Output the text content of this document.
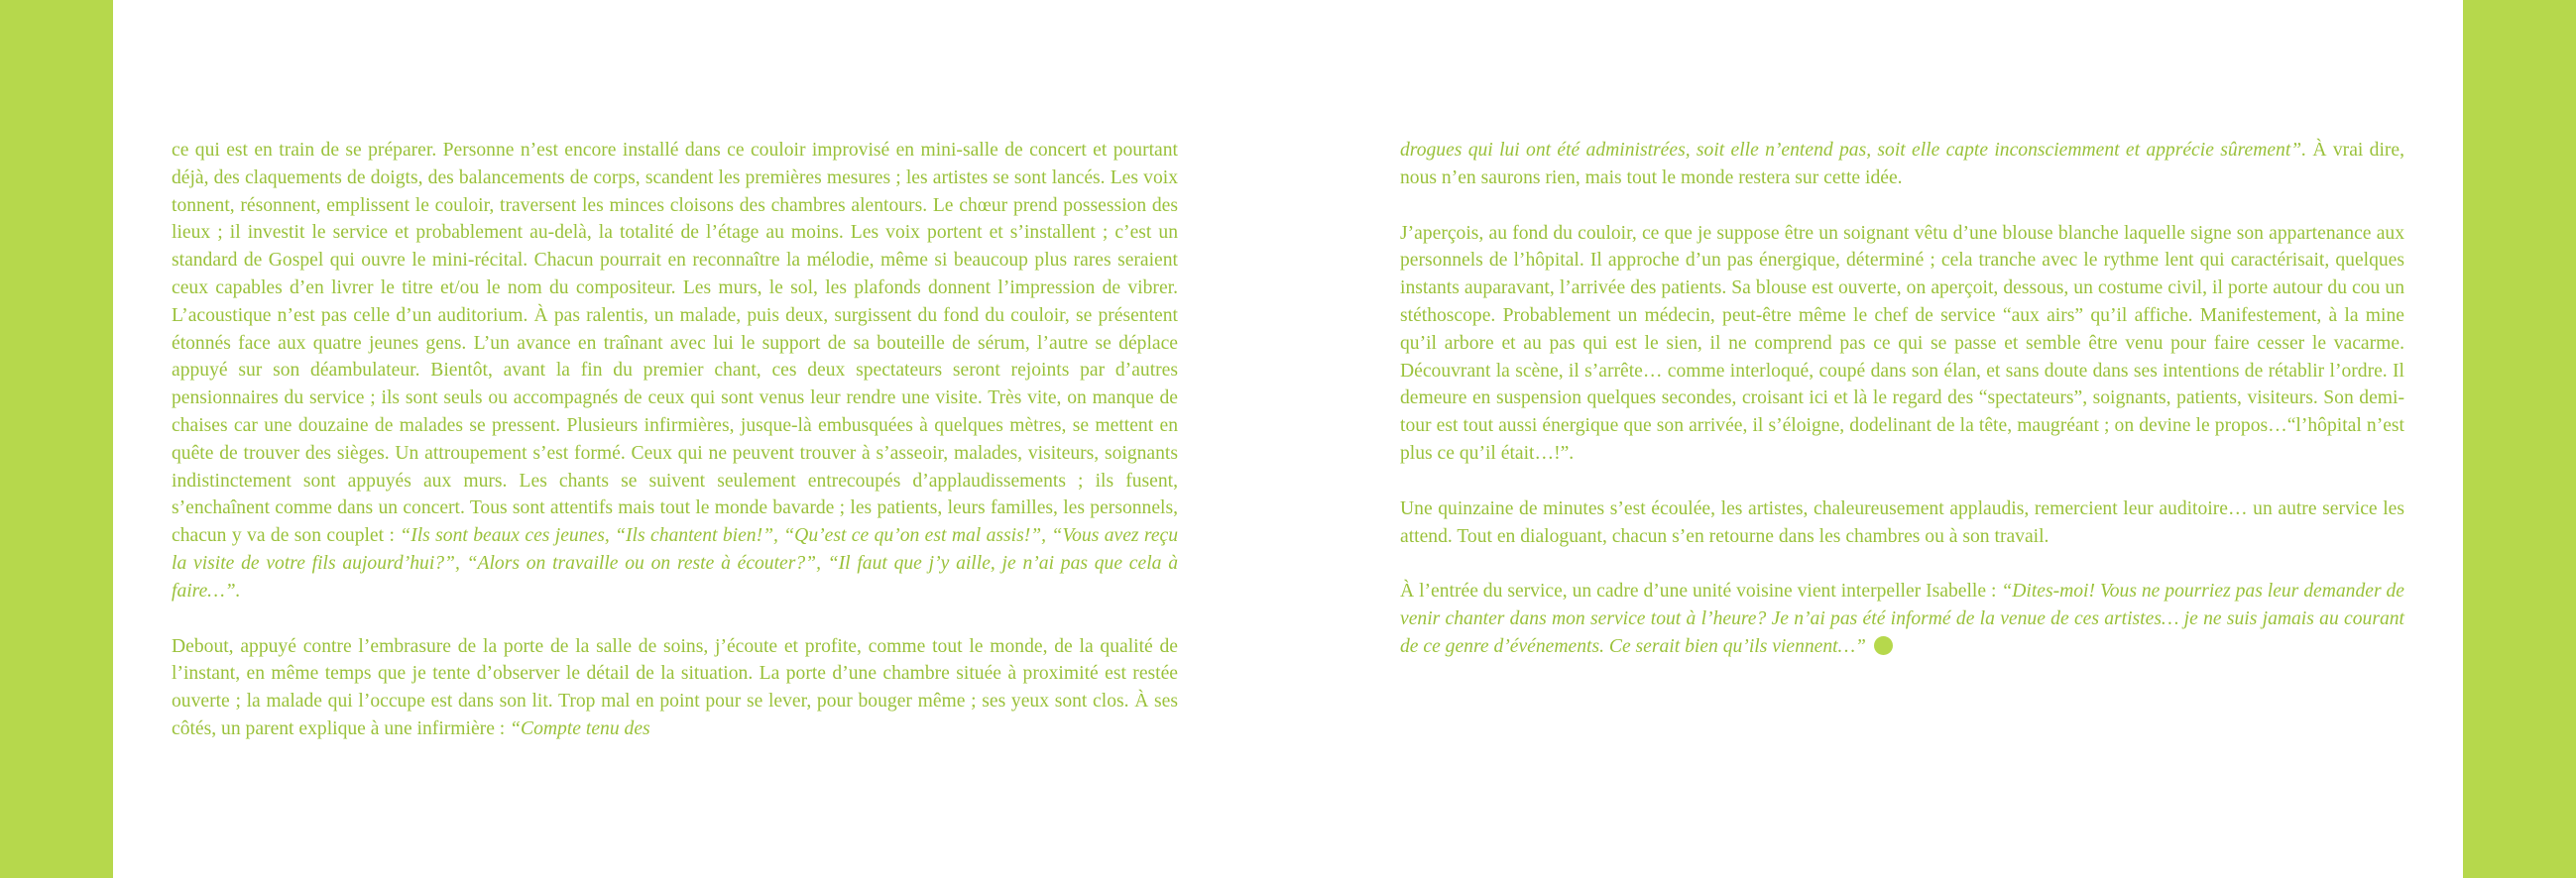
ce qui est en train de se préparer. Personne n’est encore installé dans ce couloir improvisé en mini-salle de concert et pourtant déjà, des claquements de doigts, des balancements de corps, scandent les premières mesures ; les artistes se sont lancés. Les voix tonnent, résonnent, emplissent le couloir, traversent les minces cloisons des chambres alentours. Le chœur prend possession des lieux ; il investit le service et probablement au-delà, la totalité de l’étage au moins. Les voix portent et s’installent ; c’est un standard de Gospel qui ouvre le mini-récital. Chacun pourrait en reconnaître la mélodie, même si beaucoup plus rares seraient ceux capables d’en livrer le titre et/ou le nom du compositeur. Les murs, le sol, les plafonds donnent l’impression de vibrer. L’acoustique n’est pas celle d’un auditorium. À pas ralentis, un malade, puis deux, surgissent du fond du couloir, se présentent étonnés face aux quatre jeunes gens. L’un avance en traînant avec lui le support de sa bouteille de sérum, l’autre se déplace appuyé sur son déambulateur. Bientôt, avant la fin du premier chant, ces deux spectateurs seront rejoints par d’autres pensionnaires du service ; ils sont seuls ou accompagnés de ceux qui sont venus leur rendre une visite. Très vite, on manque de chaises car une douzaine de malades se pressent. Plusieurs infirmières, jusque-là embusquées à quelques mètres, se mettent en quête de trouver des sièges. Un attroupement s’est formé. Ceux qui ne peuvent trouver à s’asseoir, malades, visiteurs, soignants indistinctement sont appuyés aux murs. Les chants se suivent seulement entrecoupés d’applaudissements ; ils fusent, s’enchaînent comme dans un concert. Tous sont attentifs mais tout le monde bavarde ; les patients, leurs familles, les personnels, chacun y va de son couplet : “Ils sont beaux ces jeunes, “Ils chantent bien!”, “Qu’est ce qu’on est mal assis!”, “Vous avez reçu la visite de votre fils aujourd’hui?”, “Alors on travaille ou on reste à écouter?”, “Il faut que j’y aille, je n’ai pas que cela à faire…”.

Debout, appuyé contre l’embrasure de la porte de la salle de soins, j’écoute et profite, comme tout le monde, de la qualité de l’instant, en même temps que je tente d’observer le détail de la situation. La porte d’une chambre située à proximité est restée ouverte ; la malade qui l’occupe est dans son lit. Trop mal en point pour se lever, pour bouger même ; ses yeux sont clos. À ses côtés, un parent explique à une infirmière : “Compte tenu des

drogues qui lui ont été administrées, soit elle n’entend pas, soit elle capte inconsciemment et apprécie sûrement”. À vrai dire, nous n’en saurons rien, mais tout le monde restera sur cette idée.

J’aperçois, au fond du couloir, ce que je suppose être un soignant vêtu d’une blouse blanche laquelle signe son appartenance aux personnels de l’hôpital. Il approche d’un pas énergique, déterminé ; cela tranche avec le rythme lent qui caractérisait, quelques instants auparavant, l’arrivée des patients. Sa blouse est ouverte, on aperçoit, dessous, un costume civil, il porte autour du cou un stéthoscope. Probablement un médecin, peut-être même le chef de service “aux airs” qu’il affiche. Manifestement, à la mine qu’il arbore et au pas qui est le sien, il ne comprend pas ce qui se passe et semble être venu pour faire cesser le vacarme. Découvrant la scène, il s’arrête… comme interloqué, coupé dans son élan, et sans doute dans ses intentions de rétablir l’ordre. Il demeure en suspension quelques secondes, croisant ici et là le regard des “spectateurs”, soignants, patients, visiteurs. Son demi-tour est tout aussi énergique que son arrivée, il s’éloigne, dodelinant de la tête, maugréant ; on devine le propos…“l’hôpital n’est plus ce qu’il était…!”.

Une quinzaine de minutes s’est écoulée, les artistes, chaleureusement applaudis, remercient leur auditoire… un autre service les attend. Tout en dialoguant, chacun s’en retourne dans les chambres ou à son travail.

À l’entrée du service, un cadre d’une unité voisine vient interpeller Isabelle : “Dites-moi! Vous ne pourriez pas leur demander de venir chanter dans mon service tout à l’heure? Je n’ai pas été informé de la venue de ces artistes… je ne suis jamais au courant de ce genre d’événements. Ce serait bien qu’ils viennent…”
